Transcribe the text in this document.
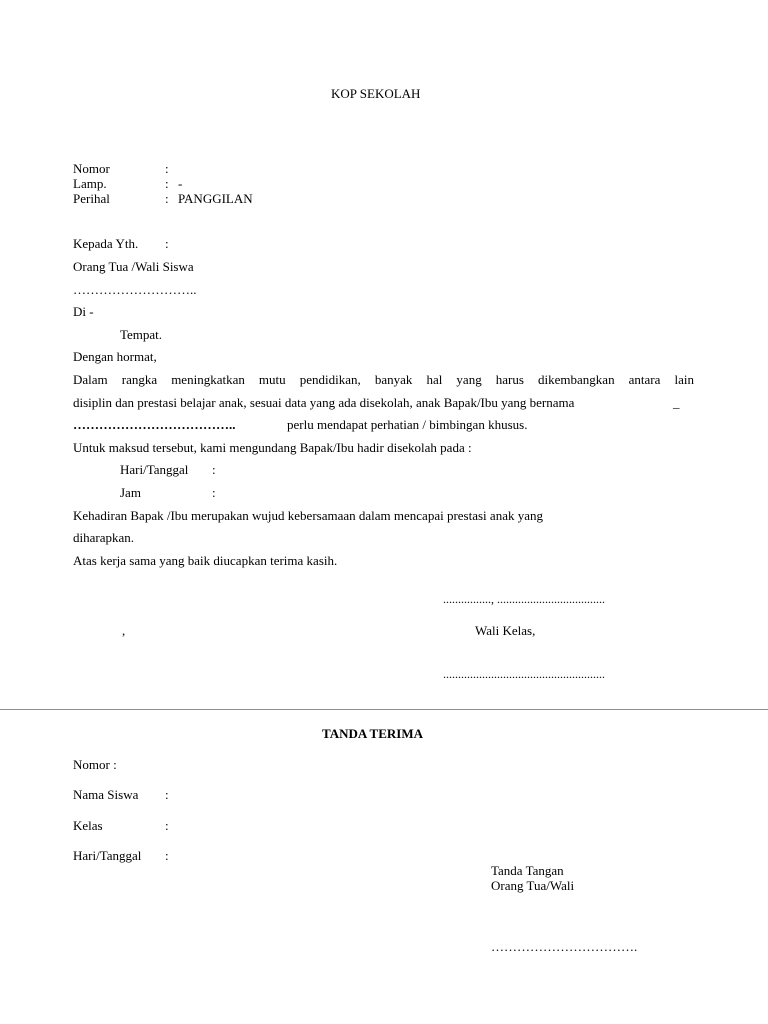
KOP SEKOLAH
Nomor	:
Lamp.	: -
Perihal	: PANGGILAN
Kepada Yth. :
Orang Tua /Wali Siswa
………………………..
Di -
Tempat.
Dengan hormat,
Dalam rangka meningkatkan mutu pendidikan, banyak hal yang harus dikembangkan antara lain
disiplin dan prestasi belajar anak, sesuai data yang ada disekolah, anak Bapak/Ibu yang bernama	_
………………………………..	perlu mendapat perhatian / bimbingan khusus.
Untuk maksud tersebut, kami mengundang Bapak/Ibu hadir disekolah pada :
Hari/Tanggal :
Jam	:
Kehadiran Bapak /Ibu merupakan wujud kebersamaan dalam mencapai prestasi anak yang
diharapkan.
Atas kerja sama yang baik diucapkan terima kasih.
................, ....................................
,	Wali Kelas,
......................................................
TANDA TERIMA
Nomor :
Nama Siswa :
Kelas	:
Hari/Tanggal :
Tanda Tangan
Orang Tua/Wali
…………………………….
